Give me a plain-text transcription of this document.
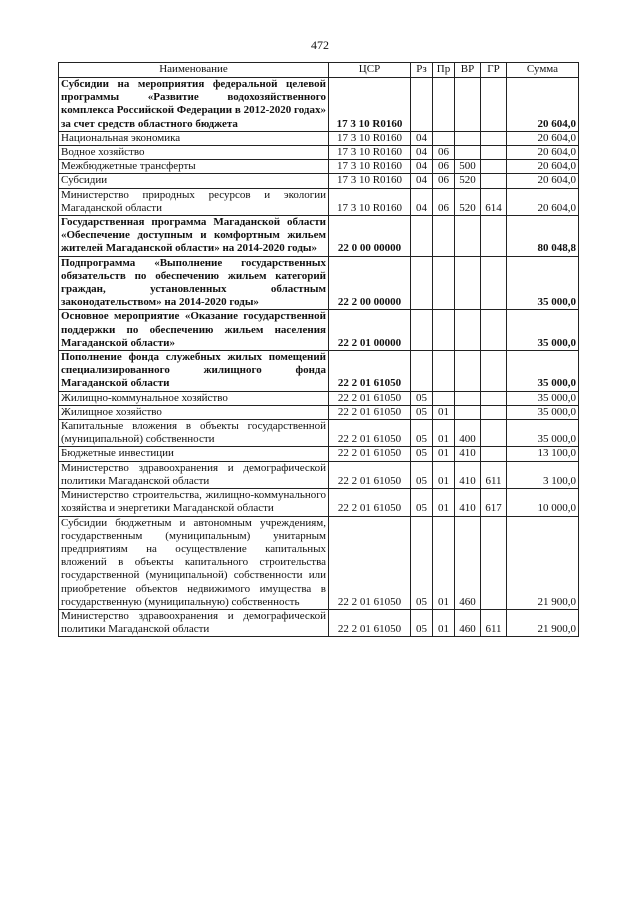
472
Наименование	ЦСР	Рз	Пр	ВР	ГР	Сумма
Субсидии на мероприятия федеральной целевой программы «Развитие водохозяйственного комплекса Российской Федерации в 2012-2020 годах» за счет средств областного бюджета	17 3 10 R0160					20 604,0
Национальная экономика	17 3 10 R0160	04				20 604,0
Водное хозяйство	17 3 10 R0160	04	06			20 604,0
Межбюджетные трансферты	17 3 10 R0160	04	06	500		20 604,0
Субсидии	17 3 10 R0160	04	06	520		20 604,0
Министерство природных ресурсов и экологии Магаданской области	17 3 10 R0160	04	06	520	614	20 604,0
Государственная программа Магаданской области «Обеспечение доступным и комфортным жильем жителей Магаданской области» на 2014-2020 годы»	22 0 00 00000					80 048,8
Подпрограмма «Выполнение государственных обязательств по обеспечению жильем категорий граждан, установленных областным законодательством» на 2014-2020 годы»	22 2 00 00000					35 000,0
Основное мероприятие «Оказание государственной поддержки по обеспечению жильем населения Магаданской области»	22 2 01 00000					35 000,0
Пополнение фонда служебных жилых помещений специализированного жилищного фонда Магаданской области	22 2 01 61050					35 000,0
Жилищно-коммунальное хозяйство	22 2 01 61050	05				35 000,0
Жилищное хозяйство	22 2 01 61050	05	01			35 000,0
Капитальные вложения в объекты государственной (муниципальной) собственности	22 2 01 61050	05	01	400		35 000,0
Бюджетные инвестиции	22 2 01 61050	05	01	410		13 100,0
Министерство здравоохранения и демографической политики Магаданской области	22 2 01 61050	05	01	410	611	3 100,0
Министерство строительства, жилищно-коммунального хозяйства и энергетики Магаданской области	22 2 01 61050	05	01	410	617	10 000,0
Субсидии бюджетным и автономным учреждениям, государственным (муниципальным) унитарным предприятиям на осуществление капитальных вложений в объекты капитального строительства государственной (муниципальной) собственности или приобретение объектов недвижимого имущества в государственную (муниципальную) собственность	22 2 01 61050	05	01	460		21 900,0
Министерство здравоохранения и демографической политики Магаданской области	22 2 01 61050	05	01	460	611	21 900,0
